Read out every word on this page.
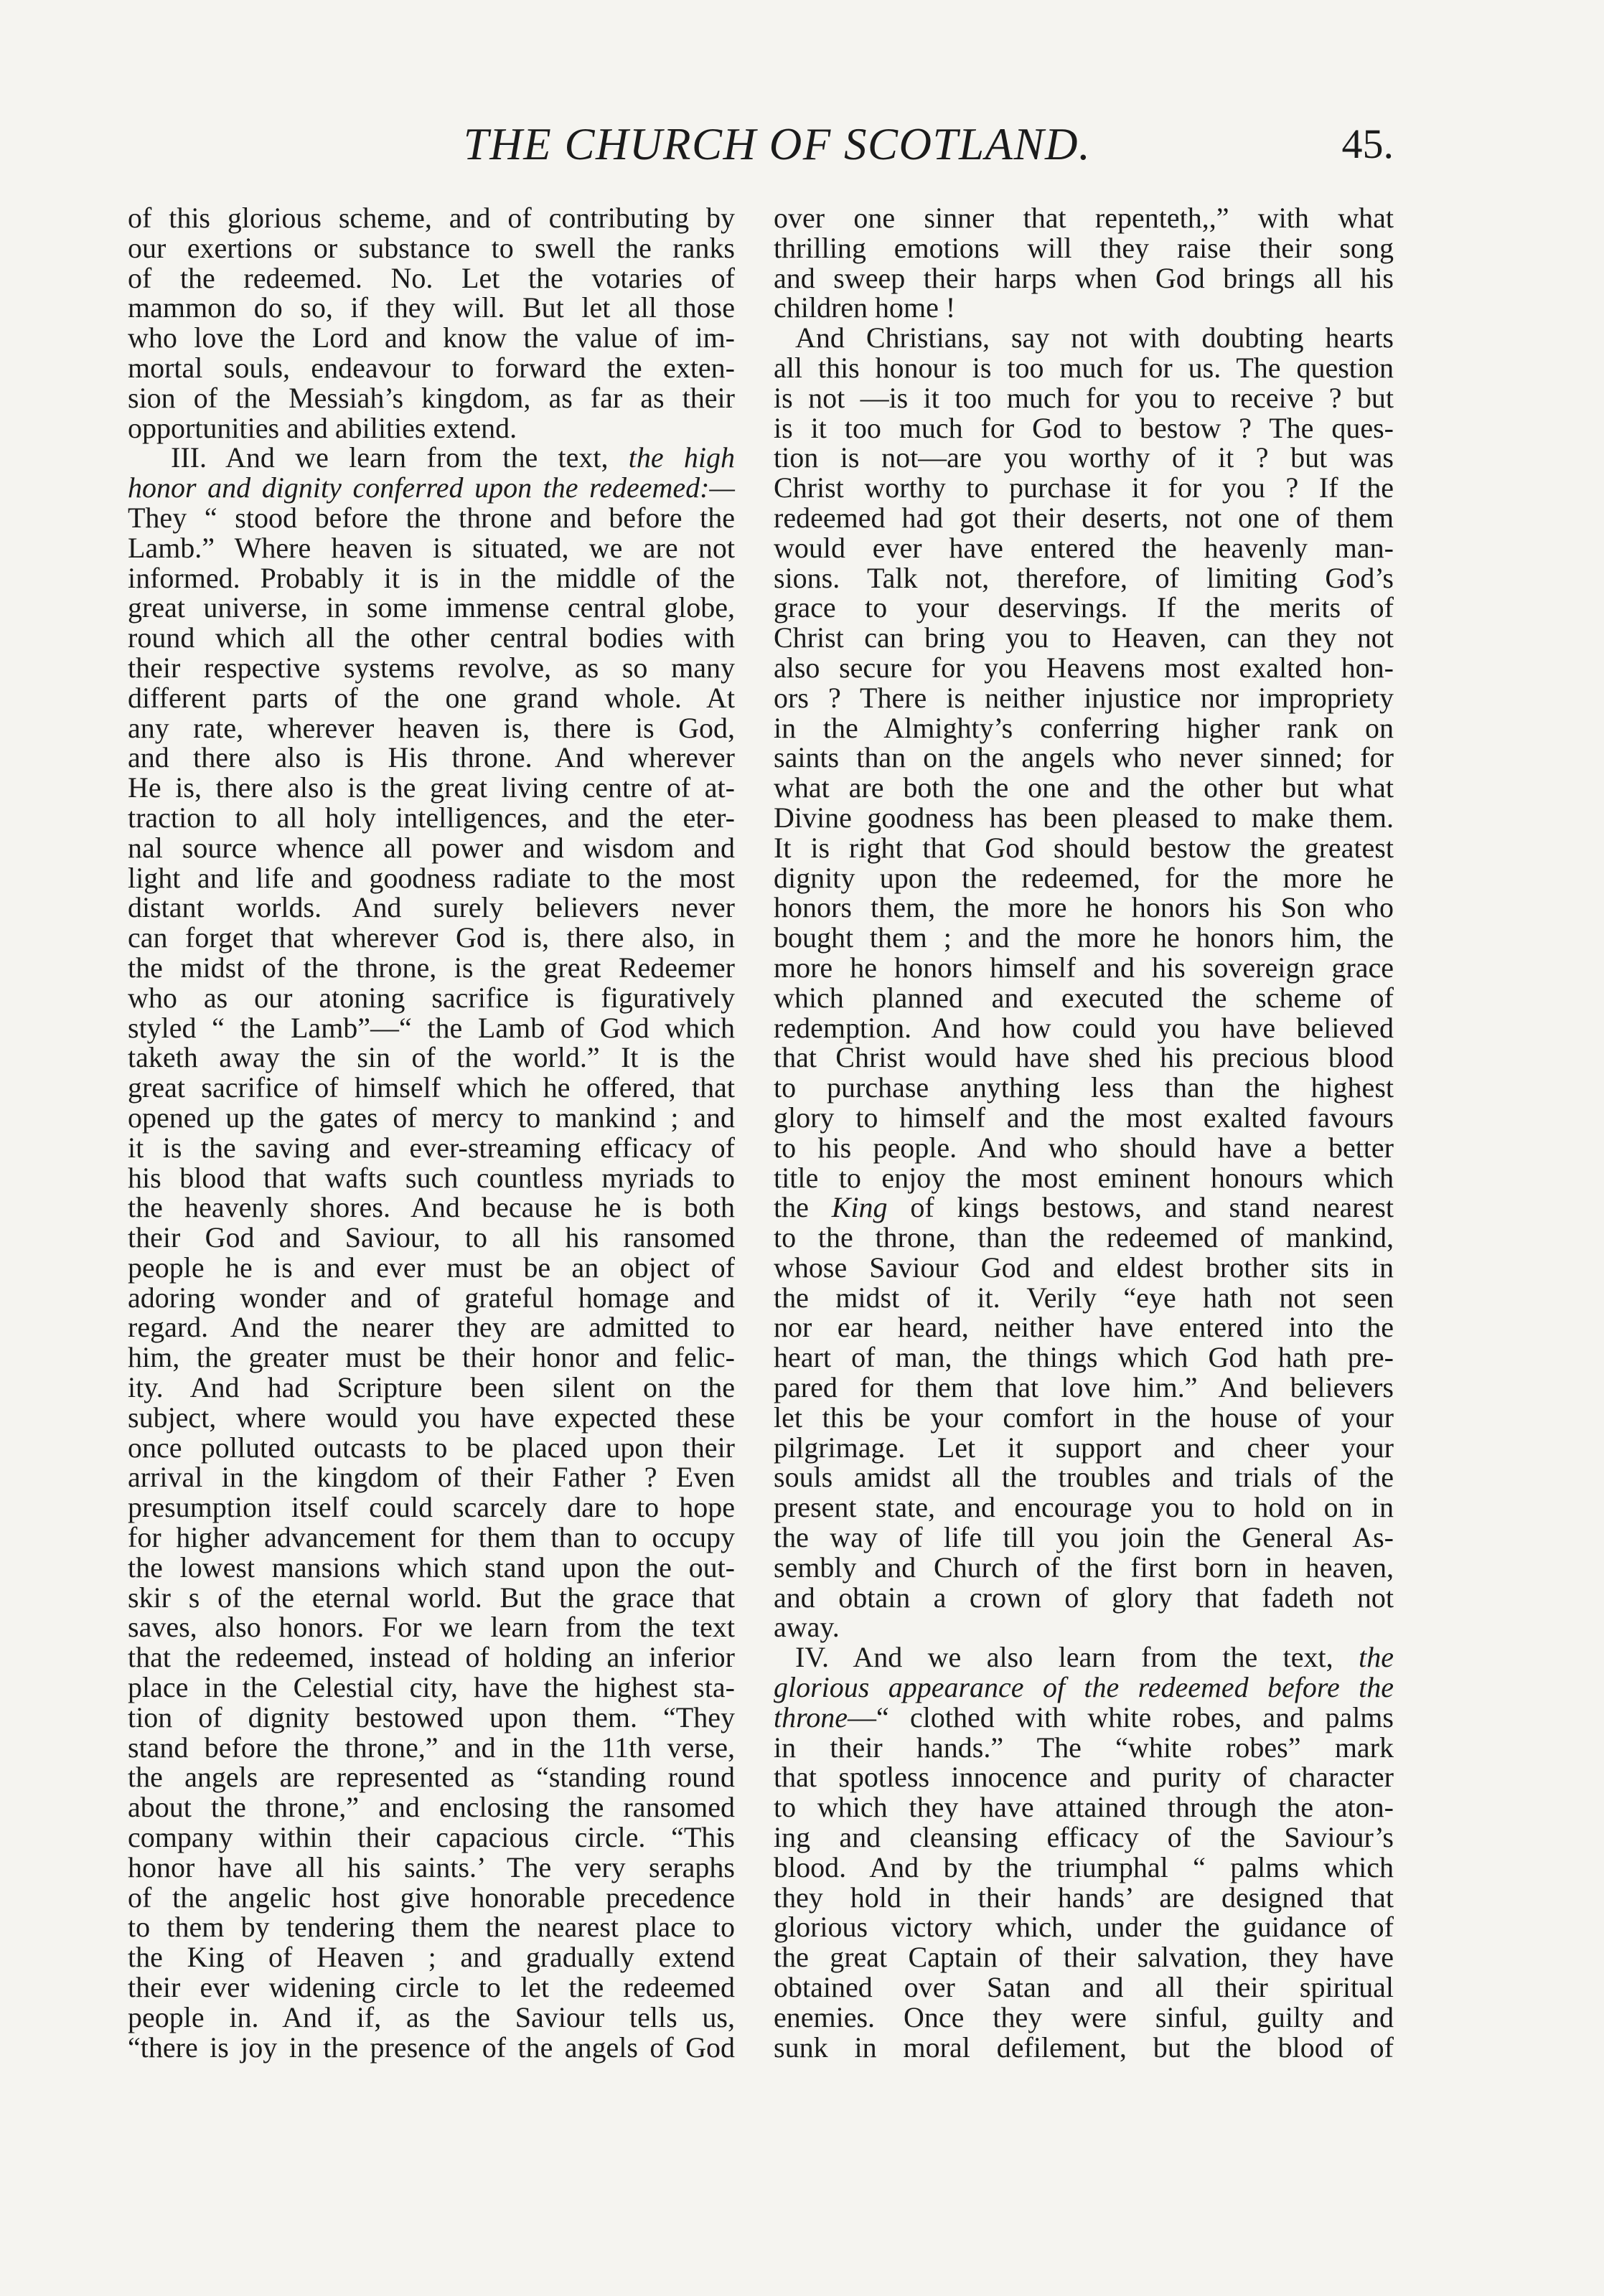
THE CHURCH OF SCOTLAND.	45.
of this glorious scheme, and of contributing by
our exertions or substance to swell the ranks
of the redeemed. No. Let the votaries of
mammon do so, if they will. But let all those
who love the Lord and know the value of im-
mortal souls, endeavour to forward the exten-
sion of the Messiah’s kingdom, as far as their
opportunities and abilities extend.
III. And we learn from the text, the high
honor and dignity conferred upon the redeemed:—
They “ stood before the throne and before the
Lamb.” Where heaven is situated, we are not
informed. Probably it is in the middle of the
great universe, in some immense central globe,
round which all the other central bodies with
their respective systems revolve, as so many
different parts of the one grand whole. At
any rate, wherever heaven is, there is God,
and there also is His throne. And wherever
He is, there also is the great living centre of at-
traction to all holy intelligences, and the eter-
nal source whence all power and wisdom and
light and life and goodness radiate to the most
distant worlds. And surely believers never
can forget that wherever God is, there also, in
the midst of the throne, is the great Redeemer
who as our atoning sacrifice is figuratively
styled “ the Lamb”—“ the Lamb of God which
taketh away the sin of the world.” It is the
great sacrifice of himself which he offered, that
opened up the gates of mercy to mankind ; and
it is the saving and ever-streaming efficacy of
his blood that wafts such countless myriads to
the heavenly shores. And because he is both
their God and Saviour, to all his ransomed
people he is and ever must be an object of
adoring wonder and of grateful homage and
regard. And the nearer they are admitted to
him, the greater must be their honor and felic-
ity. And had Scripture been silent on the
subject, where would you have expected these
once polluted outcasts to be placed upon their
arrival in the kingdom of their Father ? Even
presumption itself could scarcely dare to hope
for higher advancement for them than to occupy
the lowest mansions which stand upon the out-
skir s of the eternal world. But the grace that
saves, also honors. For we learn from the text
that the redeemed, instead of holding an inferior
place in the Celestial city, have the highest sta-
tion of dignity bestowed upon them. “They
stand before the throne,” and in the 11th verse,
the angels are represented as “standing round
about the throne,” and enclosing the ransomed
company within their capacious circle. “This
honor have all his saints.’ The very seraphs
of the angelic host give honorable precedence
to them by tendering them the nearest place to
the King of Heaven ; and gradually extend
their ever widening circle to let the redeemed
people in. And if, as the Saviour tells us,
“there is joy in the presence of the angels of God
over one sinner that repenteth,,” with what
thrilling emotions will they raise their song
and sweep their harps when God brings all his
children home !
And Christians, say not with doubting hearts
all this honour is too much for us. The question
is not —is it too much for you to receive ? but
is it too much for God to bestow ? The ques-
tion is not—are you worthy of it ? but was
Christ worthy to purchase it for you ? If the
redeemed had got their deserts, not one of them
would ever have entered the heavenly man-
sions. Talk not, therefore, of limiting God’s
grace to your deservings. If the merits of
Christ can bring you to Heaven, can they not
also secure for you Heavens most exalted hon-
ors ? There is neither injustice nor impropriety
in the Almighty’s conferring higher rank on
saints than on the angels who never sinned; for
what are both the one and the other but what
Divine goodness has been pleased to make them.
It is right that God should bestow the greatest
dignity upon the redeemed, for the more he
honors them, the more he honors his Son who
bought them ; and the more he honors him, the
more he honors himself and his sovereign grace
which planned and executed the scheme of
redemption. And how could you have believed
that Christ would have shed his precious blood
to purchase anything less than the highest
glory to himself and the most exalted favours
to his people. And who should have a better
title to enjoy the most eminent honours which
the King of kings bestows, and stand nearest
to the throne, than the redeemed of mankind,
whose Saviour God and eldest brother sits in
the midst of it. Verily “eye hath not seen
nor ear heard, neither have entered into the
heart of man, the things which God hath pre-
pared for them that love him.” And believers
let this be your comfort in the house of your
pilgrimage. Let it support and cheer your
souls amidst all the troubles and trials of the
present state, and encourage you to hold on in
the way of life till you join the General As-
sembly and Church of the first born in heaven,
and obtain a crown of glory that fadeth not
away.
IV. And we also learn from the text, the
glorious appearance of the redeemed before the
throne—“ clothed with white robes, and palms
in their hands.” The “white robes” mark
that spotless innocence and purity of character
to which they have attained through the aton-
ing and cleansing efficacy of the Saviour’s
blood. And by the triumphal “ palms which
they hold in their hands’ are designed that
glorious victory which, under the guidance of
the great Captain of their salvation, they have
obtained over Satan and all their spiritual
enemies. Once they were sinful, guilty and
sunk in moral defilement, but the blood of
